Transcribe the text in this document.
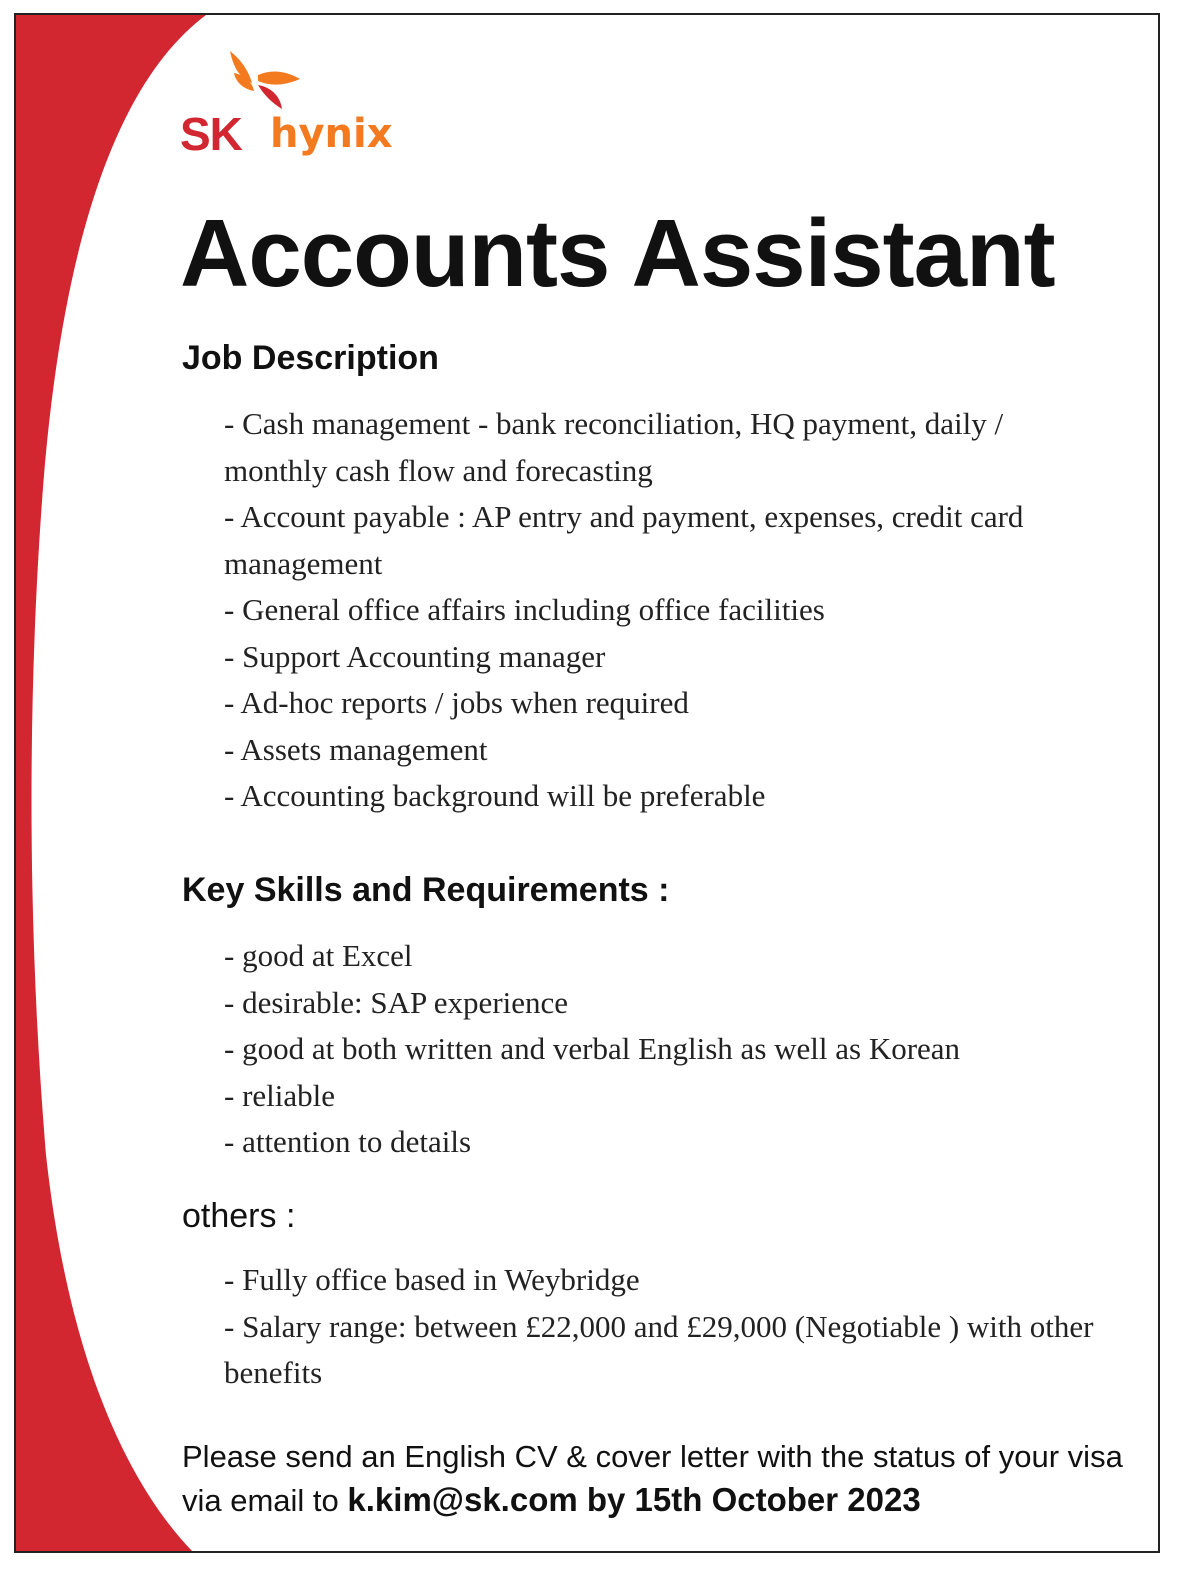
SK hynix
Accounts Assistant
Job Description
- Cash management - bank reconciliation, HQ payment, daily / monthly cash flow and forecasting
- Account payable : AP entry and payment, expenses, credit card management
- General office affairs including office facilities
- Support Accounting manager
- Ad-hoc reports / jobs when required
- Assets management
- Accounting background will be preferable
Key Skills and Requirements :
- good at Excel
- desirable: SAP experience
- good at both written and verbal English as well as Korean
- reliable
- attention to details
others :
- Fully office based in Weybridge
- Salary range: between £22,000 and £29,000 (Negotiable ) with other benefits

Please send an English CV & cover letter with the status of your visa via email to k.kim@sk.com by 15th October 2023
